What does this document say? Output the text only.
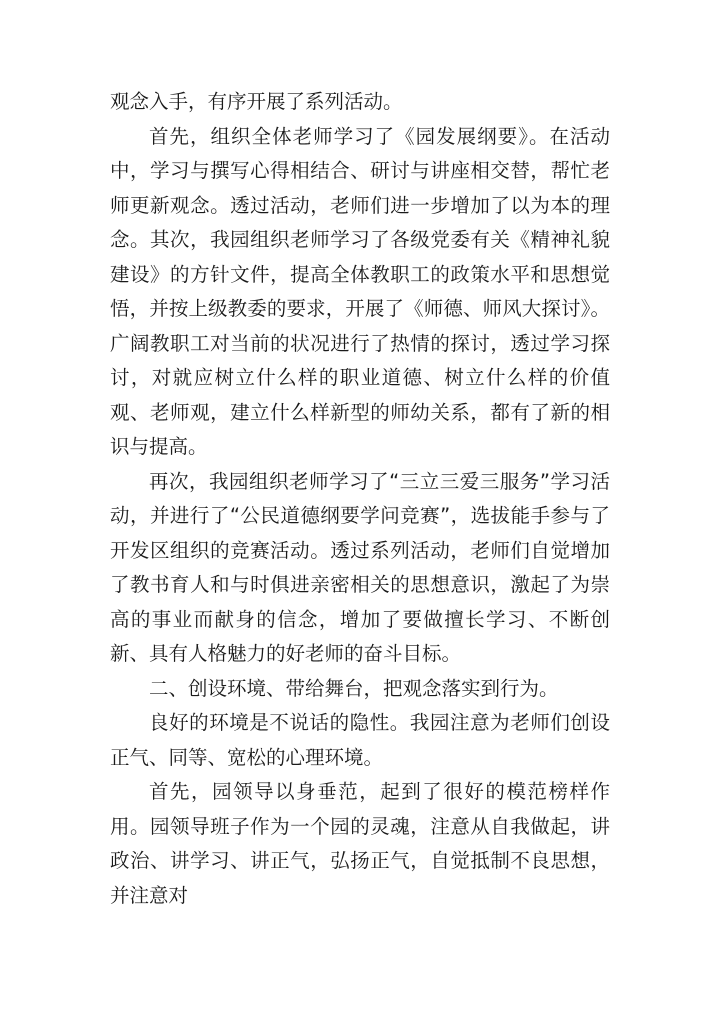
观念入手，有序开展了系列活动。

首先，组织全体老师学习了《园发展纲要》。在活动中，学习与撰写心得相结合、研讨与讲座相交替，帮忙老师更新观念。透过活动，老师们进一步增加了以为本的理念。其次，我园组织老师学习了各级党委有关《精神礼貌建设》的方针文件，提高全体教职工的政策水平和思想觉悟，并按上级教委的要求，开展了《师德、师风大探讨》。广阔教职工对当前的状况进行了热情的探讨，透过学习探讨，对就应树立什么样的职业道德、树立什么样的价值观、老师观，建立什么样新型的师幼关系，都有了新的相识与提高。

再次，我园组织老师学习了“三立三爱三服务”学习活动，并进行了“公民道德纲要学问竞赛”，选拔能手参与了开发区组织的竞赛活动。透过系列活动，老师们自觉增加了教书育人和与时俱进亲密相关的思想意识，激起了为崇高的事业而献身的信念，增加了要做擅长学习、不断创新、具有人格魅力的好老师的奋斗目标。

二、创设环境、带给舞台，把观念落实到行为。

良好的环境是不说话的隐性。我园注意为老师们创设正气、同等、宽松的心理环境。

首先，园领导以身垂范，起到了很好的模范榜样作用。园领导班子作为一个园的灵魂，注意从自我做起，讲政治、讲学习、讲正气，弘扬正气，自觉抵制不良思想，并注意对
